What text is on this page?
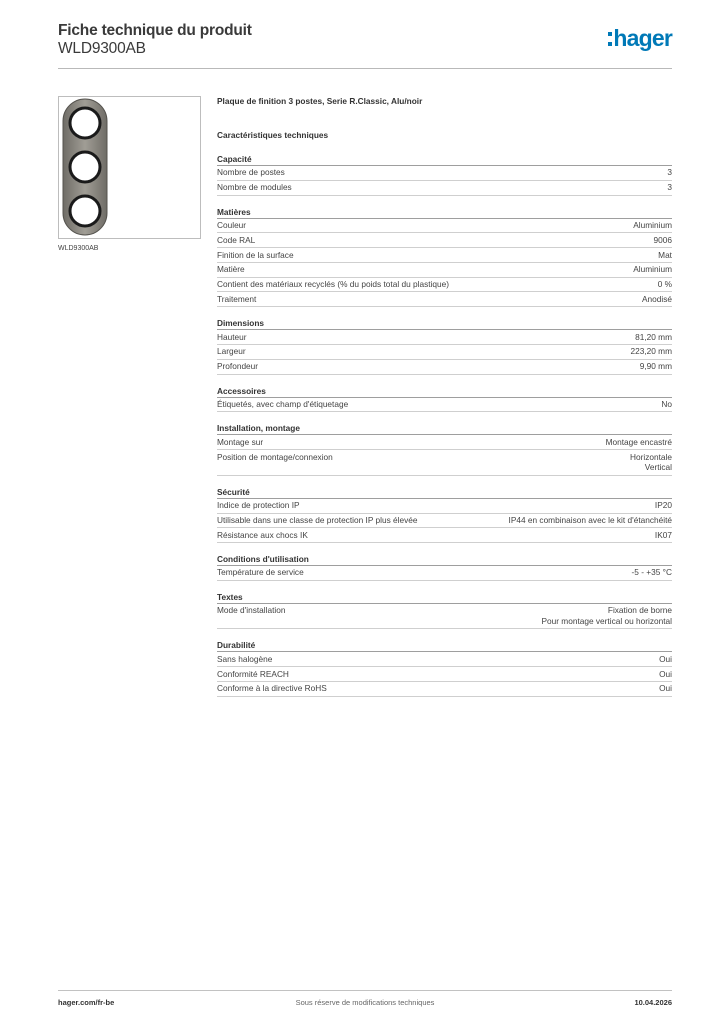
Fiche technique du produit
WLD9300AB	hager
WLD9300AB
Plaque de finition 3 postes, Serie R.Classic, Alu/noir
Caractéristiques techniques
Capacité
Nombre de postes	3
Nombre de modules	3
Matières
Couleur	Aluminium
Code RAL	9006
Finition de la surface	Mat
Matière	Aluminium
Contient des matériaux recyclés (% du poids total du plastique)	0 %
Traitement	Anodisé
Dimensions
Hauteur	81,20 mm
Largeur	223,20 mm
Profondeur	9,90 mm
Accessoires
Étiquetés, avec champ d'étiquetage	No
Installation, montage
Montage sur	Montage encastré
Position de montage/connexion	Horizontale
Vertical
Sécurité
Indice de protection IP	IP20
Utilisable dans une classe de protection IP plus élevée	IP44 en combinaison avec le kit d'étanchéité
Résistance aux chocs IK	IK07
Conditions d'utilisation
Température de service	-5 - +35 °C
Textes
Mode d'installation	Fixation de borne
Pour montage vertical ou horizontal
Durabilité
Sans halogène	Oui
Conformité REACH	Oui
Conforme à la directive RoHS	Oui
hager.com/fr-be	Sous réserve de modifications techniques	10.04.2026
